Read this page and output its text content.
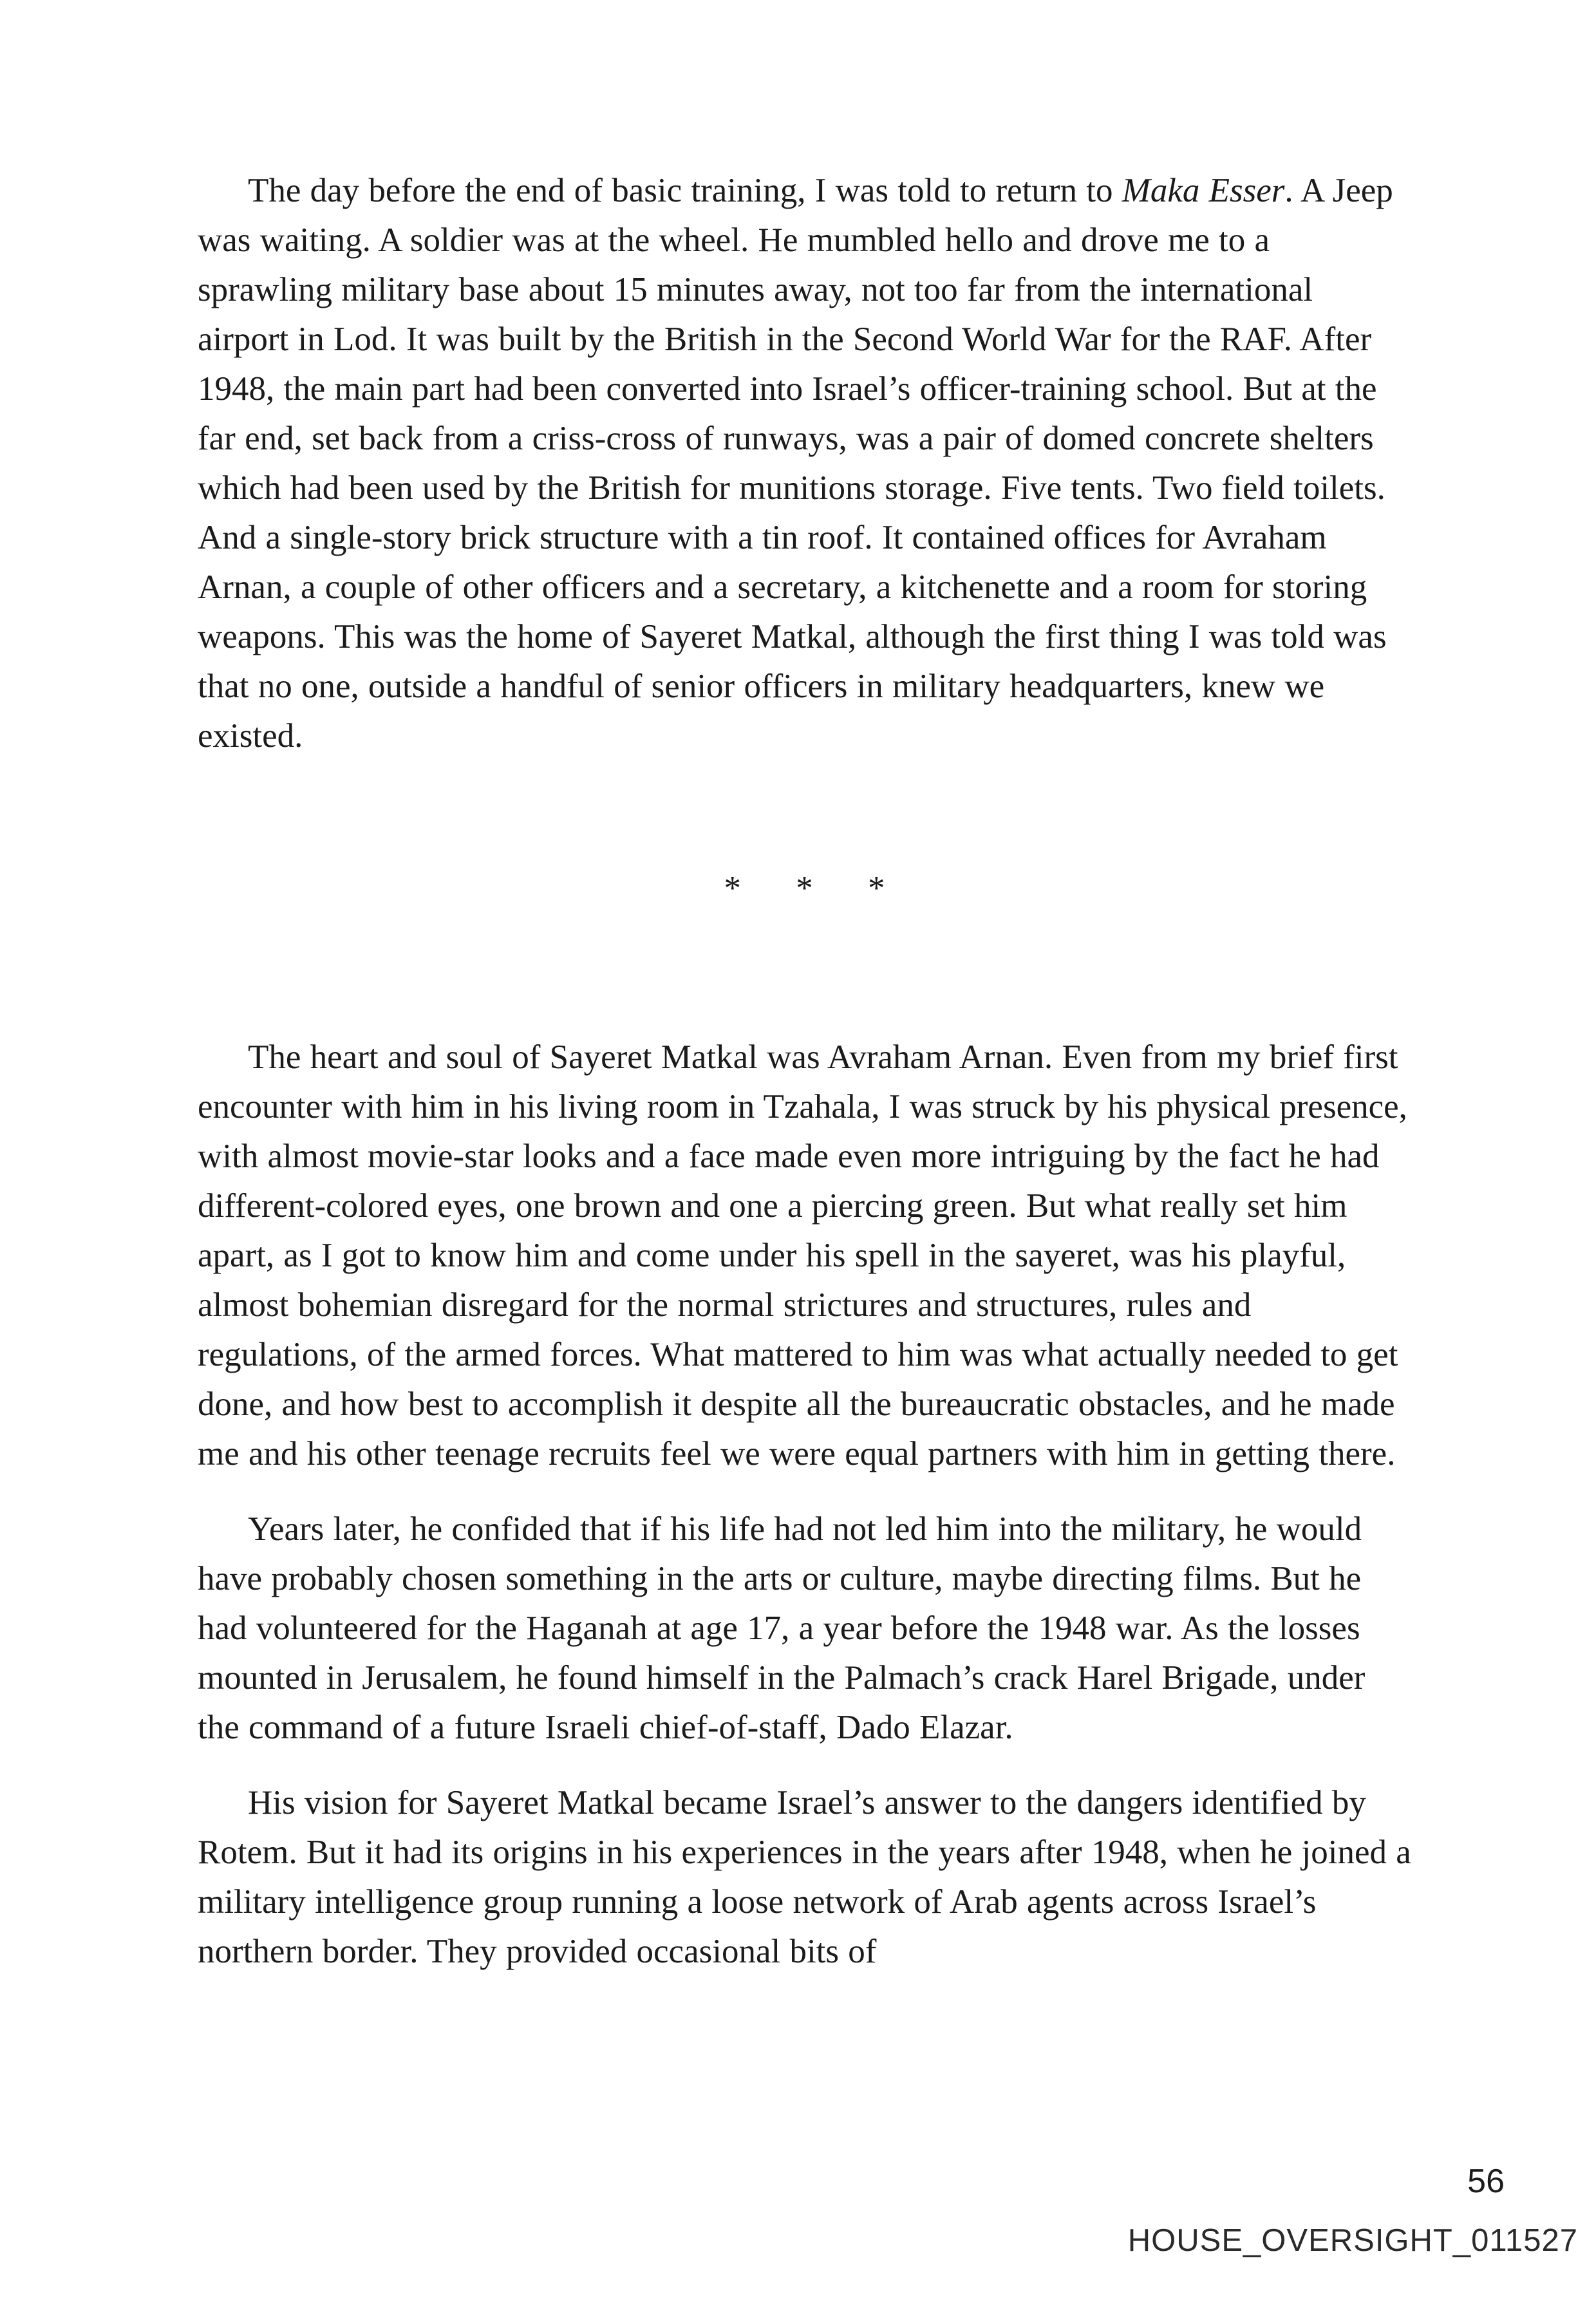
The day before the end of basic training, I was told to return to Maka Esser. A Jeep was waiting. A soldier was at the wheel. He mumbled hello and drove me to a sprawling military base about 15 minutes away, not too far from the international airport in Lod. It was built by the British in the Second World War for the RAF. After 1948, the main part had been converted into Israel’s officer-training school. But at the far end, set back from a criss-cross of runways, was a pair of domed concrete shelters which had been used by the British for munitions storage. Five tents. Two field toilets. And a single-story brick structure with a tin roof. It contained offices for Avraham Arnan, a couple of other officers and a secretary, a kitchenette and a room for storing weapons. This was the home of Sayeret Matkal, although the first thing I was told was that no one, outside a handful of senior officers in military headquarters, knew we existed.

* * *

The heart and soul of Sayeret Matkal was Avraham Arnan. Even from my brief first encounter with him in his living room in Tzahala, I was struck by his physical presence, with almost movie-star looks and a face made even more intriguing by the fact he had different-colored eyes, one brown and one a piercing green. But what really set him apart, as I got to know him and come under his spell in the sayeret, was his playful, almost bohemian disregard for the normal strictures and structures, rules and regulations, of the armed forces. What mattered to him was what actually needed to get done, and how best to accomplish it despite all the bureaucratic obstacles, and he made me and his other teenage recruits feel we were equal partners with him in getting there.

Years later, he confided that if his life had not led him into the military, he would have probably chosen something in the arts or culture, maybe directing films. But he had volunteered for the Haganah at age 17, a year before the 1948 war. As the losses mounted in Jerusalem, he found himself in the Palmach’s crack Harel Brigade, under the command of a future Israeli chief-of-staff, Dado Elazar.

His vision for Sayeret Matkal became Israel’s answer to the dangers identified by Rotem. But it had its origins in his experiences in the years after 1948, when he joined a military intelligence group running a loose network of Arab agents across Israel’s northern border. They provided occasional bits of

56
HOUSE_OVERSIGHT_011527
